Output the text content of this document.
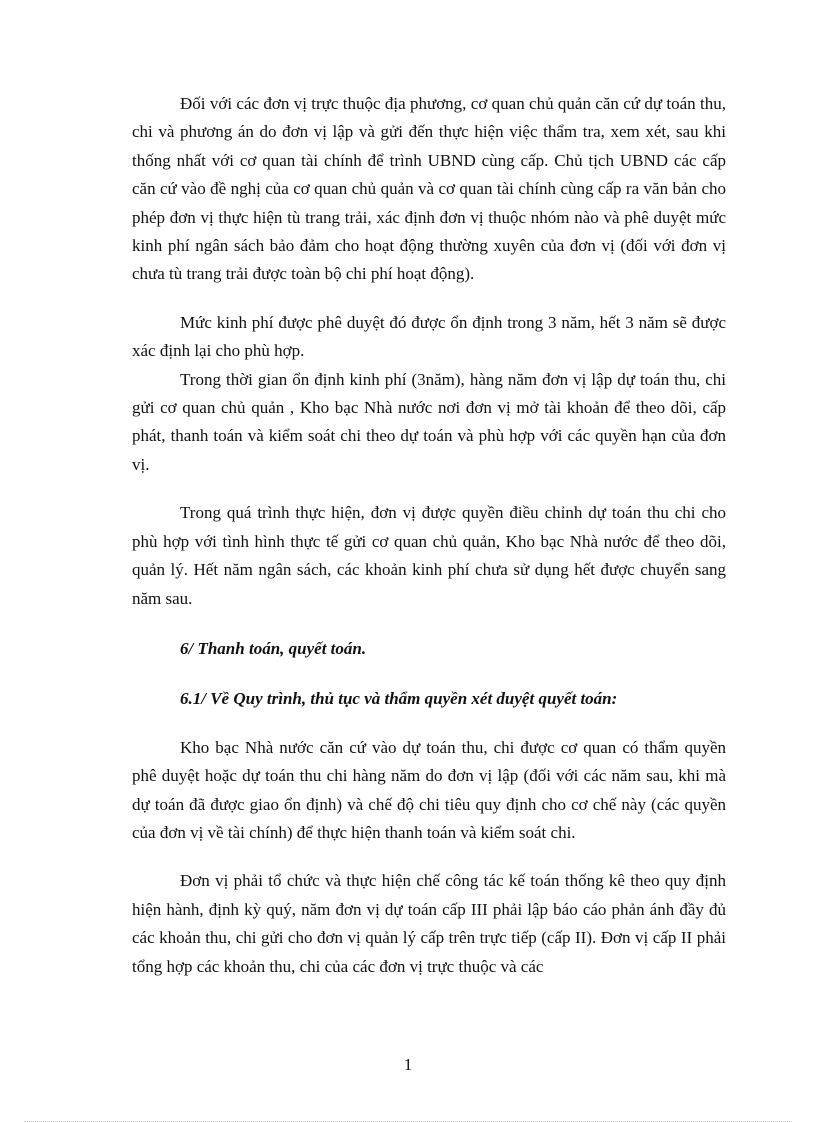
Đối với các đơn vị trực thuộc địa phương, cơ quan chủ quản căn cứ dự toán thu, chi và phương án do đơn vị lập và gửi đến thực hiện việc thẩm tra, xem xét, sau khi thống nhất với cơ quan tài chính để trình UBND cùng cấp. Chủ tịch UBND các cấp căn cứ vào đề nghị của cơ quan chủ quản và cơ quan tài chính cùng cấp ra văn bản cho phép đơn vị thực hiện tù trang trải, xác định đơn vị thuộc nhóm nào và phê duyệt mức kinh phí ngân sách bảo đảm cho hoạt động thường xuyên của đơn vị (đối với đơn vị chưa tù trang trải được toàn bộ chi phí hoạt động).

Mức kinh phí được phê duyệt đó được ổn định trong 3 năm, hết 3 năm sẽ được xác định lại cho phù hợp.

Trong thời gian ổn định kinh phí (3năm), hàng năm đơn vị lập dự toán thu, chi gửi cơ quan chủ quản , Kho bạc Nhà nước nơi đơn vị mở tài khoản để theo dõi, cấp phát, thanh toán và kiểm soát chi theo dự toán và phù hợp với các quyền hạn của đơn vị.

Trong quá trình thực hiện, đơn vị được quyền điều chỉnh dự toán thu chi cho phù hợp với tình hình thực tế gửi cơ quan chủ quản, Kho bạc Nhà nước để theo dõi, quản lý. Hết năm ngân sách, các khoản kinh phí chưa sử dụng hết được chuyển sang năm sau.

6/ Thanh toán, quyết toán.

6.1/ Về Quy trình, thủ tục và thẩm quyền xét duyệt quyết toán:

Kho bạc Nhà nước căn cứ vào dự toán thu, chi được cơ quan có thẩm quyền phê duyệt hoặc dự toán thu chi hàng năm do đơn vị lập (đối với các năm sau, khi mà dự toán đã được giao ổn định) và chế độ chi tiêu quy định cho cơ chế này (các quyền của đơn vị về tài chính) để thực hiện thanh toán và kiểm soát chi.

Đơn vị phải tổ chức và thực hiện chế công tác kế toán thống kê theo quy định hiện hành, định kỳ quý, năm đơn vị dự toán cấp III phải lập báo cáo phản ánh đầy đủ các khoản thu, chi gửi cho đơn vị quản lý cấp trên trực tiếp (cấp II). Đơn vị cấp II phải tổng hợp các khoản thu, chi của các đơn vị trực thuộc và các

1
